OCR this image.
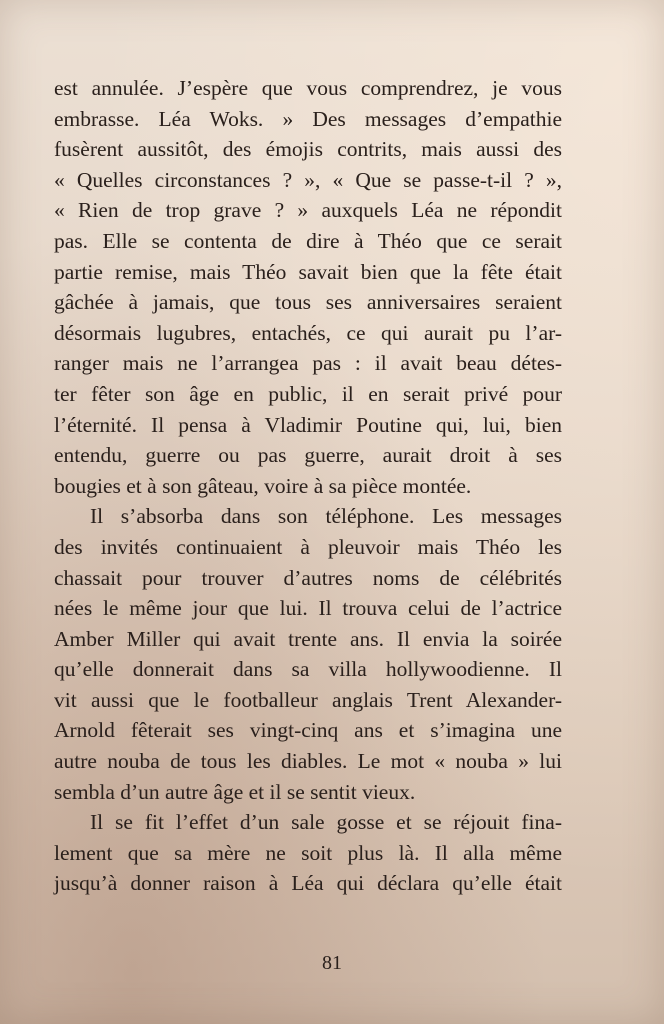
est annulée. J’espère que vous comprendrez, je vous
embrasse. Léa Woks. » Des messages d’empathie
fusèrent aussitôt, des émojis contrits, mais aussi des
« Quelles circonstances ? », « Que se passe-t-il ? »,
« Rien de trop grave ? » auxquels Léa ne répondit
pas. Elle se contenta de dire à Théo que ce serait
partie remise, mais Théo savait bien que la fête était
gâchée à jamais, que tous ses anniversaires seraient
désormais lugubres, entachés, ce qui aurait pu l’ar-
ranger mais ne l’arrangea pas : il avait beau détes-
ter fêter son âge en public, il en serait privé pour
l’éternité. Il pensa à Vladimir Poutine qui, lui, bien
entendu, guerre ou pas guerre, aurait droit à ses
bougies et à son gâteau, voire à sa pièce montée.
Il s’absorba dans son téléphone. Les messages
des invités continuaient à pleuvoir mais Théo les
chassait pour trouver d’autres noms de célébrités
nées le même jour que lui. Il trouva celui de l’actrice
Amber Miller qui avait trente ans. Il envia la soirée
qu’elle donnerait dans sa villa hollywoodienne. Il
vit aussi que le footballeur anglais Trent Alexander-
Arnold fêterait ses vingt-cinq ans et s’imagina une
autre nouba de tous les diables. Le mot « nouba » lui
sembla d’un autre âge et il se sentit vieux.
Il se fit l’effet d’un sale gosse et se réjouit fina-
lement que sa mère ne soit plus là. Il alla même
jusqu’à donner raison à Léa qui déclara qu’elle était
81
